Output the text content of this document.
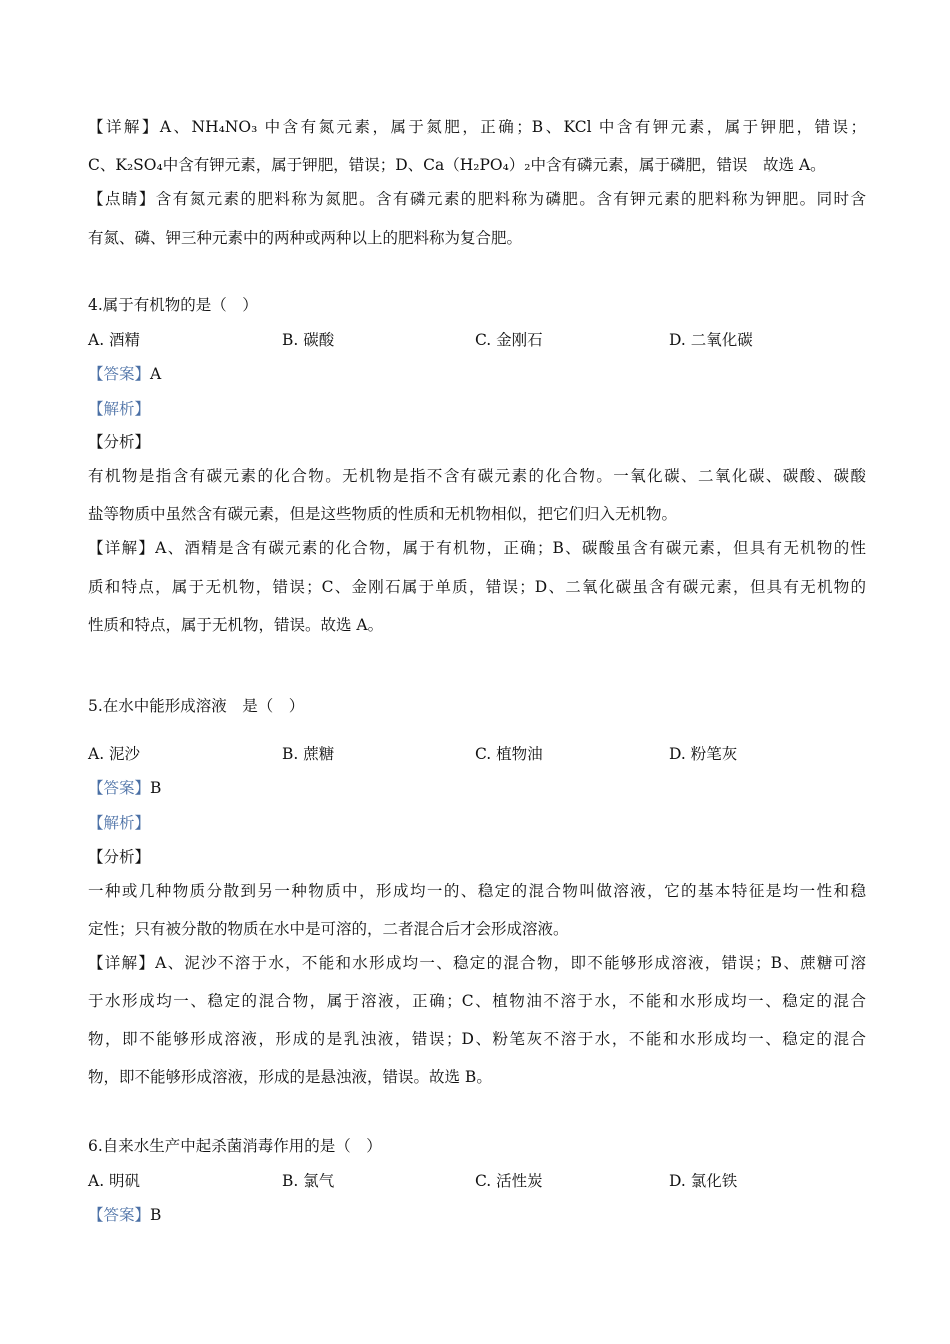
【详解】A、NH₄NO₃ 中含有氮元素，属于氮肥，正确；B、KCl 中含有钾元素，属于钾肥，错误；
C、K₂SO₄中含有钾元素，属于钾肥，错误；D、Ca（H₂PO₄）₂中含有磷元素，属于磷肥，错误　故选 A。
【点睛】含有氮元素的肥料称为氮肥。含有磷元素的肥料称为磷肥。含有钾元素的肥料称为钾肥。同时含
有氮、磷、钾三种元素中的两种或两种以上的肥料称为复合肥。
4.属于有机物的是（　）
A. 酒精	B. 碳酸	C. 金刚石	D. 二氧化碳
【答案】A
【解析】
【分析】
有机物是指含有碳元素的化合物。无机物是指不含有碳元素的化合物。一氧化碳、二氧化碳、碳酸、碳酸
盐等物质中虽然含有碳元素，但是这些物质的性质和无机物相似，把它们归入无机物。
【详解】A、酒精是含有碳元素的化合物，属于有机物，正确；B、碳酸虽含有碳元素，但具有无机物的性
质和特点，属于无机物，错误；C、金刚石属于单质，错误；D、二氧化碳虽含有碳元素，但具有无机物的
性质和特点，属于无机物，错误。故选 A。
5.在水中能形成溶液　是（　）
A. 泥沙	B. 蔗糖	C. 植物油	D. 粉笔灰
【答案】B
【解析】
【分析】
一种或几种物质分散到另一种物质中，形成均一的、稳定的混合物叫做溶液，它的基本特征是均一性和稳
定性；只有被分散的物质在水中是可溶的，二者混合后才会形成溶液。
【详解】A、泥沙不溶于水，不能和水形成均一、稳定的混合物，即不能够形成溶液，错误；B、蔗糖可溶
于水形成均一、稳定的混合物，属于溶液，正确；C、植物油不溶于水，不能和水形成均一、稳定的混合
物，即不能够形成溶液，形成的是乳浊液，错误；D、粉笔灰不溶于水，不能和水形成均一、稳定的混合
物，即不能够形成溶液，形成的是悬浊液，错误。故选 B。
6.自来水生产中起杀菌消毒作用的是（　）
A. 明矾	B. 氯气	C. 活性炭	D. 氯化铁
【答案】B
